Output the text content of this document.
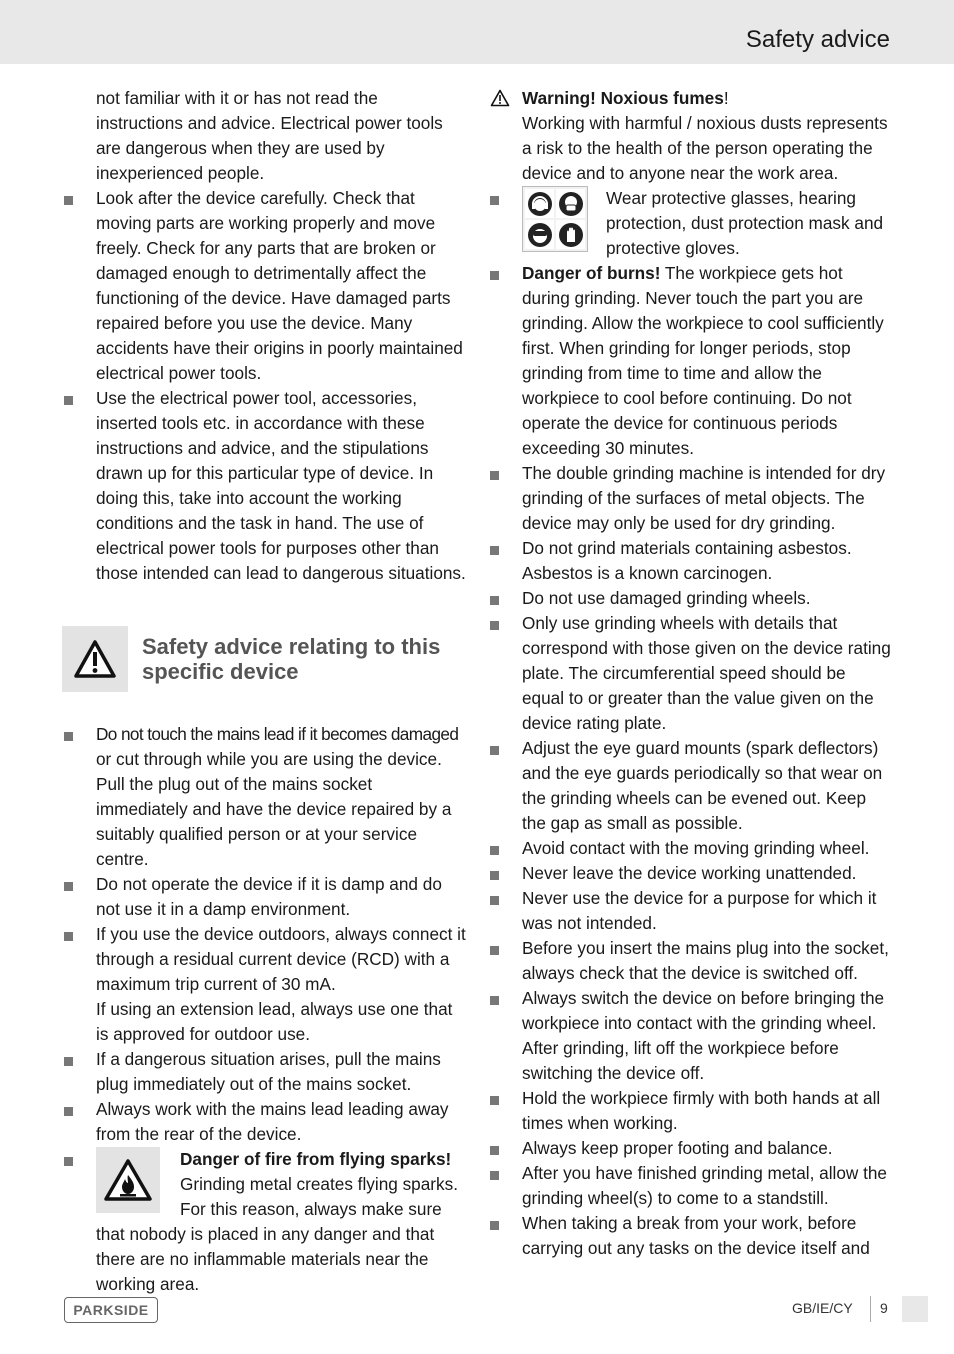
Safety advice
not familiar with it or has not read the instructions and advice. Electrical power tools are dangerous when they are used by inexperienced people.
Look after the device carefully. Check that moving parts are working properly and move freely. Check for any parts that are broken or damaged enough to detrimentally affect the functioning of the device. Have damaged parts repaired before you use the device. Many accidents have their origins in poorly maintained electrical power tools.
Use the electrical power tool, accessories, inserted tools etc. in accordance with these instructions and advice, and the stipulations drawn up for this particular type of device. In doing this, take into account the working conditions and the task in hand. The use of electrical power tools for purposes other than those intended can lead to dangerous situations.
Safety advice relating to this specific device
Do not touch the mains lead if it becomes damaged or cut through while you are using the device. Pull the plug out of the mains socket immediately and have the device repaired by a suitably qualified person or at your service centre.
Do not operate the device if it is damp and do not use it in a damp environment.
If you use the device outdoors, always connect it through a residual current device (RCD) with a maximum trip current of 30 mA.
If using an extension lead, always use one that is approved for outdoor use.
If a dangerous situation arises, pull the mains plug immediately out of the mains socket.
Always work with the mains lead leading away from the rear of the device.
Danger of fire from flying sparks! Grinding metal creates flying sparks. For this reason, always make sure that nobody is placed in any danger and that there are no inflammable materials near the working area.
Warning! Noxious fumes!
Working with harmful / noxious dusts represents a risk to the health of the person operating the device and to anyone near the work area.
Wear protective glasses, hearing protection, dust protection mask and protective gloves.
Danger of burns! The workpiece gets hot during grinding. Never touch the part you are grinding. Allow the workpiece to cool sufficiently first. When grinding for longer periods, stop grinding from time to time and allow the workpiece to cool before continuing. Do not operate the device for continuous periods exceeding 30 minutes.
The double grinding machine is intended for dry grinding of the surfaces of metal objects. The device may only be used for dry grinding.
Do not grind materials containing asbestos. Asbestos is a known carcinogen.
Do not use damaged grinding wheels.
Only use grinding wheels with details that correspond with those given on the device rating plate. The circumferential speed should be equal to or greater than the value given on the device rating plate.
Adjust the eye guard mounts (spark deflectors) and the eye guards periodically so that wear on the grinding wheels can be evened out. Keep the gap as small as possible.
Avoid contact with the moving grinding wheel.
Never leave the device working unattended.
Never use the device for a purpose for which it was not intended.
Before you insert the mains plug into the socket, always check that the device is switched off.
Always switch the device on before bringing the workpiece into contact with the grinding wheel. After grinding, lift off the workpiece before switching the device off.
Hold the workpiece firmly with both hands at all times when working.
Always keep proper footing and balance.
After you have finished grinding metal, allow the grinding wheel(s) to come to a standstill.
When taking a break from your work, before carrying out any tasks on the device itself and
PARKSIDE	GB/IE/CY 9
